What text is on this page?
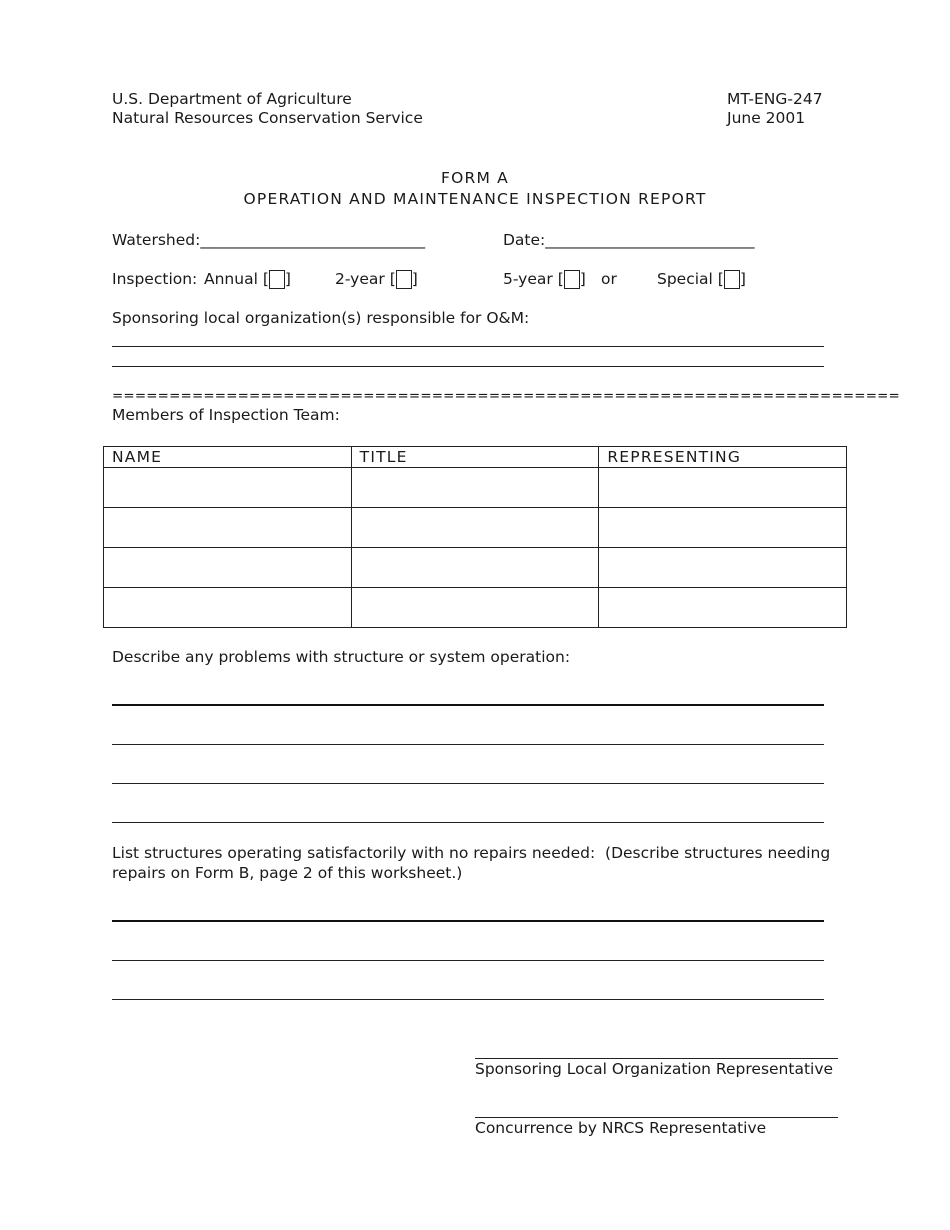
U.S. Department of Agriculture
Natural Resources Conservation Service
MT-ENG-247
June 2001
FORM A
OPERATION AND MAINTENANCE INSPECTION REPORT
Watershed:_____________________________	Date:___________________________
Inspection: Annual [ ]	2-year [ ]	5-year [ ] or	Special [ ]
Sponsoring local organization(s) responsible for O&M:
=====================================================================
Members of Inspection Team:
NAME	TITLE	REPRESENTING

Describe any problems with structure or system operation:
List structures operating satisfactorily with no repairs needed:  (Describe structures needing
repairs on Form B, page 2 of this worksheet.)
Sponsoring Local Organization Representative
Concurrence by NRCS Representative
